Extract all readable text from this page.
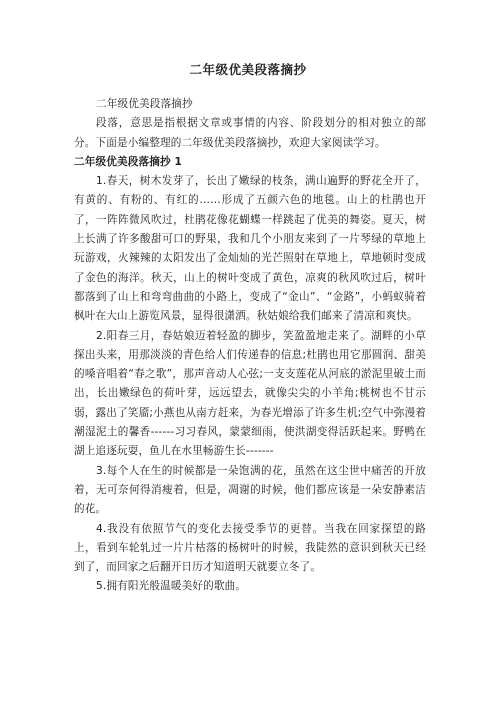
二年级优美段落摘抄

二年级优美段落摘抄

段落，意思是指根据文章或事情的内容、阶段划分的相对独立的部分。下面是小编整理的二年级优美段落摘抄，欢迎大家阅读学习。

二年级优美段落摘抄 1

1.春天，树木发芽了，长出了嫩绿的枝条，满山遍野的野花全开了，有黄的、有粉的、有红的……形成了五颜六色的地毯。山上的杜鹃也开了，一阵阵微风吹过，杜鹃花像花蝴蝶一样跳起了优美的舞姿。夏天，树上长满了许多酸甜可口的野果，我和几个小朋友来到了一片琴绿的草地上玩游戏，火辣辣的太阳发出了金灿灿的光芒照射在草地上，草地顿时变成了金色的海洋。秋天，山上的树叶变成了黄色，凉爽的秋风吹过后，树叶都落到了山上和弯弯曲曲的小路上，变成了“金山”、“金路”，小蚂蚁骑着枫叶在大山上游览风景，显得很潇洒。秋姑娘给我们邮来了清凉和爽快。

2.阳春三月，春姑娘迈着轻盈的脚步，笑盈盈地走来了。湖畔的小草探出头来，用那淡淡的青色给人们传递春的信息;杜鹃也用它那圆润、甜美的嗓音唱着“春之歌”，那声音动人心弦;一支支莲花从河底的淤泥里破土而出，长出嫩绿色的荷叶芽，远远望去，就像尖尖的小羊角;桃树也不甘示弱，露出了笑靥;小燕也从南方赶来，为春光增添了许多生机;空气中弥漫着潮湿泥土的馨香------习习春风，蒙蒙细雨，使洪湖变得活跃起来。野鸭在湖上追逐玩耍，鱼儿在水里畅游生长-------

3.每个人在生的时候都是一朵饱满的花，虽然在这尘世中痛苦的开放着，无可奈何得消瘦着，但是，凋谢的时候，他们都应该是一朵安静素洁的花。

4.我没有依照节气的变化去接受季节的更替。当我在回家探望的路上，看到车轮轧过一片片枯落的杨树叶的时候，我陡然的意识到秋天已经到了，而回家之后翻开日历才知道明天就要立冬了。

5.拥有阳光般温暖美好的歌曲。
